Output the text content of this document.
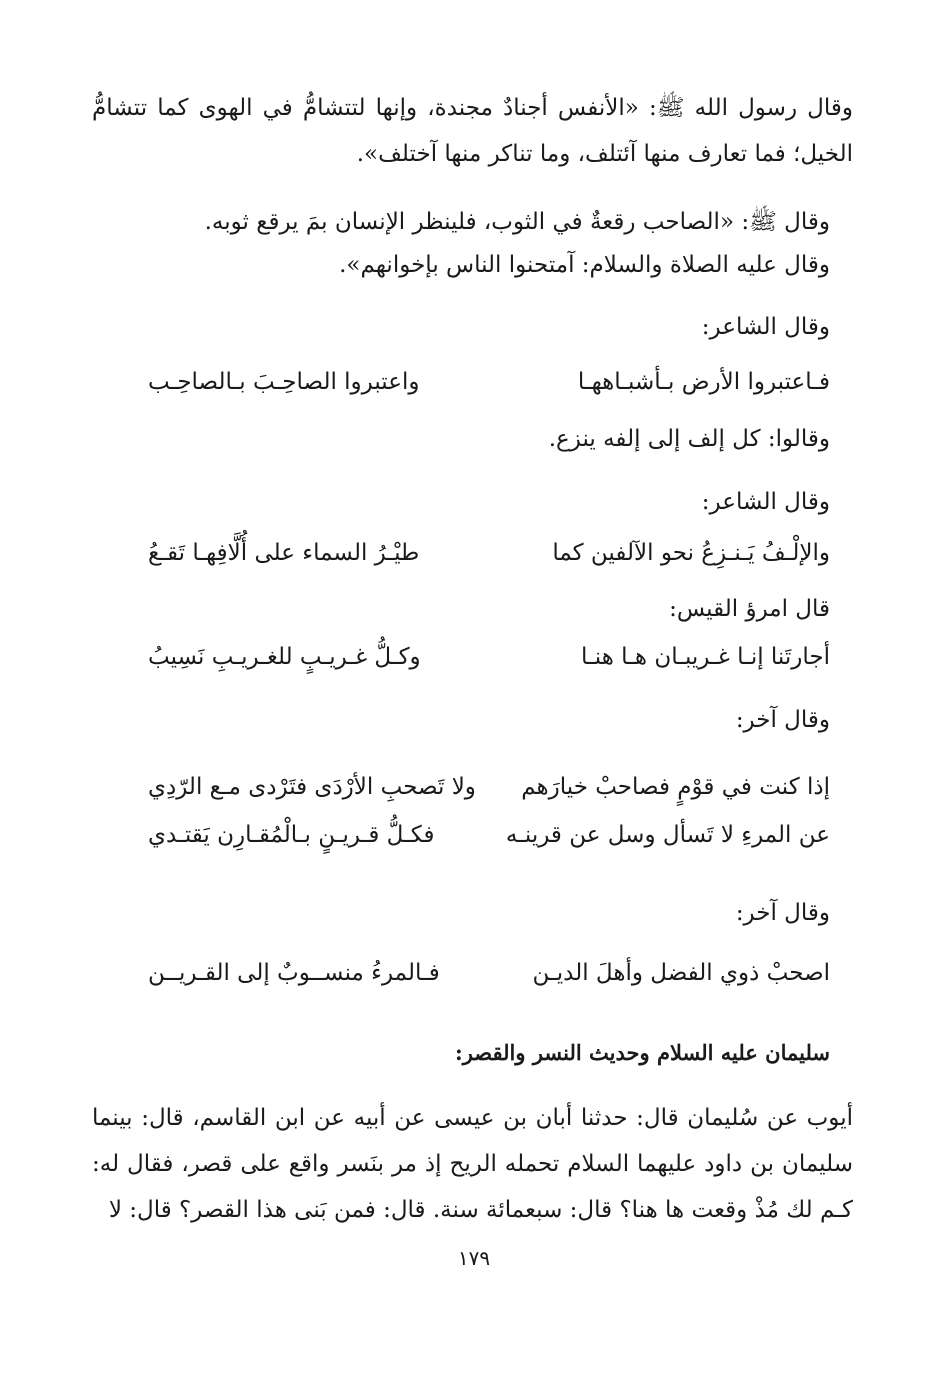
وقال رسول الله ﷺ: «الأنفس أجنادٌ مجندة، وإنها لتتشامُّ في الهوى كما تتشامُّ الخيل؛ فما تعارف منها آئتلف، وما تناكر منها آختلف».
وقال ﷺ: «الصاحب رقعةٌ في الثوب، فلينظر الإنسان بمَ يرقع ثوبه.
وقال عليه الصلاة والسلام: آمتحنوا الناس بإخوانهم».
وقال الشاعر:
فـاعتبروا الأرض بـأشبـاههـا
واعتبروا الصاحِـبَ بـالصاحِـب
وقالوا: كل إلف إلى إلفه ينزع.
وقال الشاعر:
والإلْـفُ يَـنـزِعُ نحو الآلفين كما
طيْـرُ السماء على أُلَّافِهـا تَقـعُ
قال امرؤ القيس:
أجارتَنا إنـا غـريبـان هـا هنـا
وكـلُّ غـريـبٍ للغـريـبِ نَسِيبُ
وقال آخر:
إذا كنت في قوْمٍ فصاحبْ خيارَهم
ولا تَصحبِ الأرْدَى فتَرْدى مـع الرّدِي
عن المرءِ لا تَسأل وسل عن قرينـه
فكـلُّ قـريـنٍ بـالْمُقـارِن يَقتـدي
وقال آخر:
اصحبْ ذوي الفضل وأهلَ الديـن
فـالمرءُ منســوبٌ إلى القـريــن
سليمان عليه السلام وحديث النسر والقصر:
أيوب عن سُليمان قال: حدثنا أبان بن عيسى عن أبيه عن ابن القاسم، قال: بينما سليمان بن داود عليهما السلام تحمله الريح إذ مر بنَسر واقع على قصر، فقال له: كـم لك مُذْ وقعت ها هنا؟ قال: سبعمائة سنة. قال: فمن بَنى هذا القصر؟ قال: لا
١٧٩
